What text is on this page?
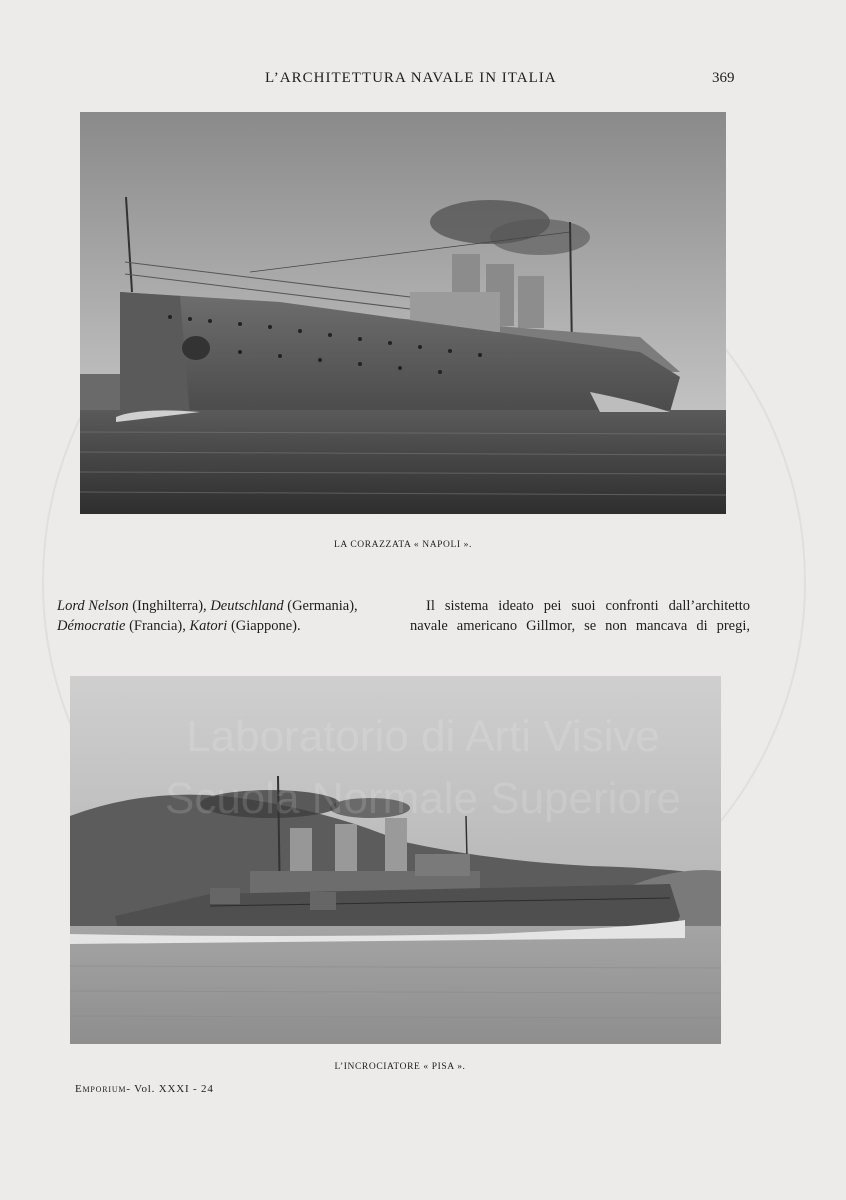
L’ARCHITETTURA NAVALE IN ITALIA	369
LA CORAZZATA « NAPOLI ».
Lord Nelson (Inghilterra), Deutschland (Germania),
Démocratie (Francia), Katori (Giappone).
Il sistema ideato pei suoi confronti dall’architetto
navale americano Gillmor, se non mancava di pregi,
L’INCROCIATORE « PISA ».
Emporium- Vol. XXXI - 24
